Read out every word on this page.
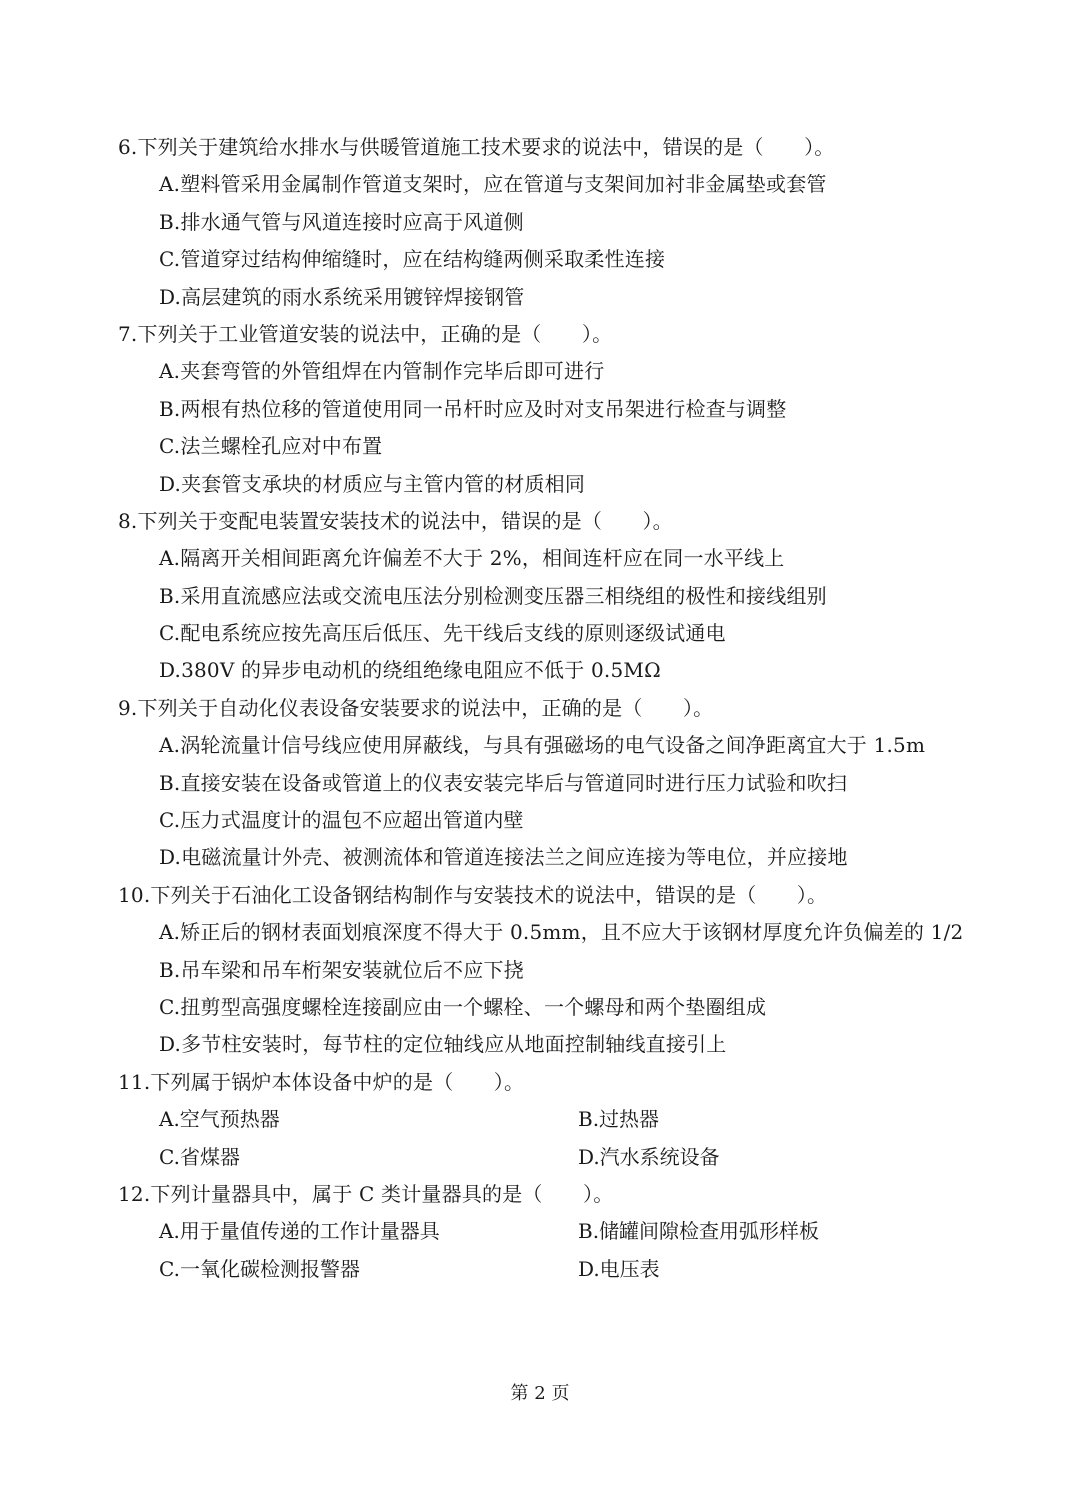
6.下列关于建筑给水排水与供暖管道施工技术要求的说法中，错误的是（　　）。
A.塑料管采用金属制作管道支架时，应在管道与支架间加衬非金属垫或套管
B.排水通气管与风道连接时应高于风道侧
C.管道穿过结构伸缩缝时，应在结构缝两侧采取柔性连接
D.高层建筑的雨水系统采用镀锌焊接钢管
7.下列关于工业管道安装的说法中，正确的是（　　）。
A.夹套弯管的外管组焊在内管制作完毕后即可进行
B.两根有热位移的管道使用同一吊杆时应及时对支吊架进行检查与调整
C.法兰螺栓孔应对中布置
D.夹套管支承块的材质应与主管内管的材质相同
8.下列关于变配电装置安装技术的说法中，错误的是（　　）。
A.隔离开关相间距离允许偏差不大于 2%，相间连杆应在同一水平线上
B.采用直流感应法或交流电压法分别检测变压器三相绕组的极性和接线组别
C.配电系统应按先高压后低压、先干线后支线的原则逐级试通电
D.380V 的异步电动机的绕组绝缘电阻应不低于 0.5MΩ
9.下列关于自动化仪表设备安装要求的说法中，正确的是（　　）。
A.涡轮流量计信号线应使用屏蔽线，与具有强磁场的电气设备之间净距离宜大于 1.5m
B.直接安装在设备或管道上的仪表安装完毕后与管道同时进行压力试验和吹扫
C.压力式温度计的温包不应超出管道内壁
D.电磁流量计外壳、被测流体和管道连接法兰之间应连接为等电位，并应接地
10.下列关于石油化工设备钢结构制作与安装技术的说法中，错误的是（　　）。
A.矫正后的钢材表面划痕深度不得大于 0.5mm，且不应大于该钢材厚度允许负偏差的 1/2
B.吊车梁和吊车桁架安装就位后不应下挠
C.扭剪型高强度螺栓连接副应由一个螺栓、一个螺母和两个垫圈组成
D.多节柱安装时，每节柱的定位轴线应从地面控制轴线直接引上
11.下列属于锅炉本体设备中炉的是（　　）。
A.空气预热器	B.过热器
C.省煤器	D.汽水系统设备
12.下列计量器具中，属于 C 类计量器具的是（　　）。
A.用于量值传递的工作计量器具	B.储罐间隙检查用弧形样板
C.一氧化碳检测报警器	D.电压表
第 2 页
